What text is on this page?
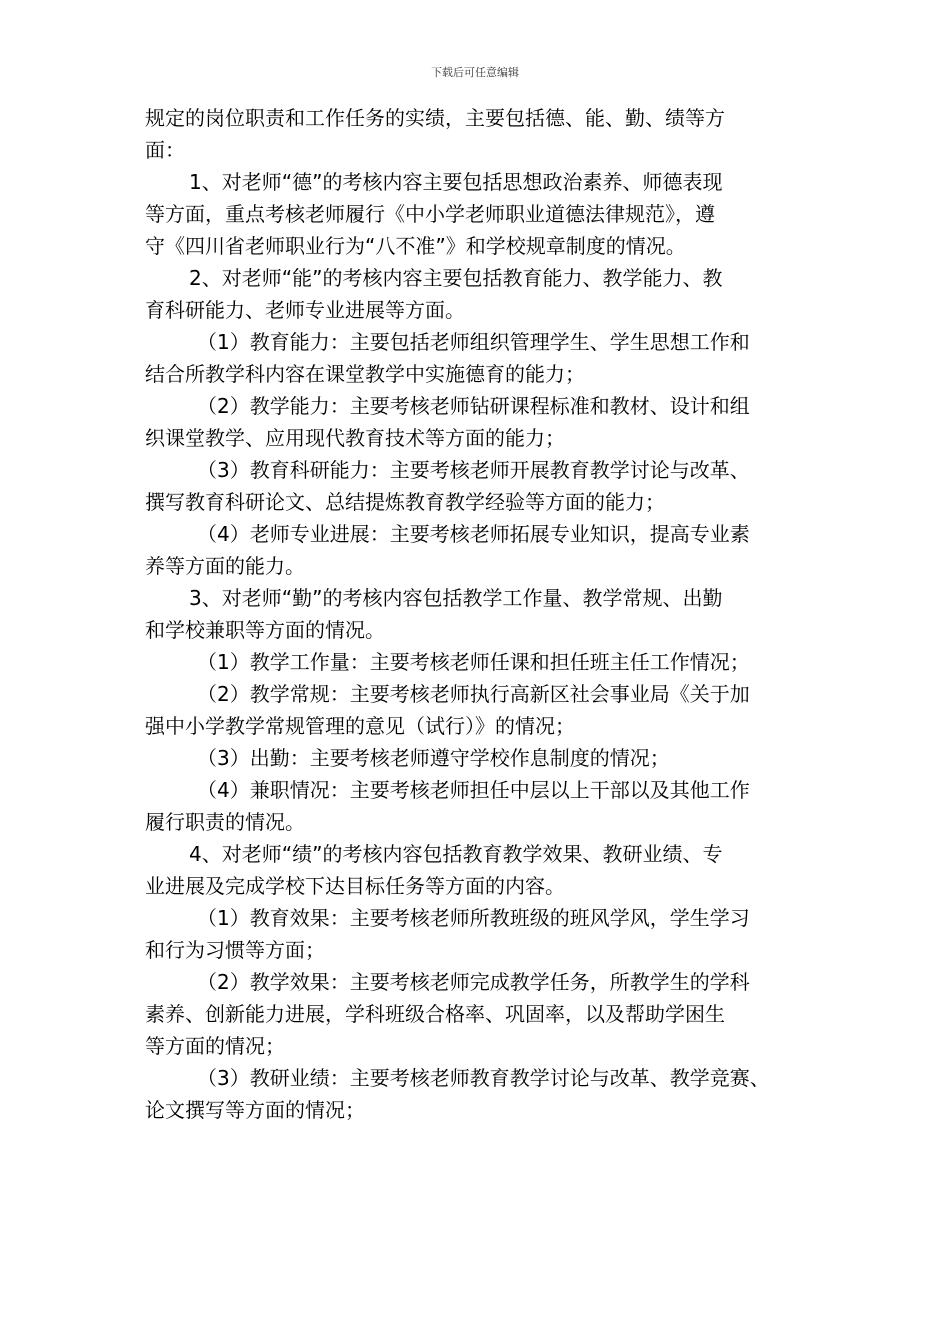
下载后可任意编辑
规定的岗位职责和工作任务的实绩，主要包括德、能、勤、绩等方
面：
1、对老师“德”的考核内容主要包括思想政治素养、师德表现
等方面，重点考核老师履行《中小学老师职业道德法律规范》，遵
守《四川省老师职业行为“八不准”》和学校规章制度的情况。
2、对老师“能”的考核内容主要包括教育能力、教学能力、教
育科研能力、老师专业进展等方面。
（1）教育能力：主要包括老师组织管理学生、学生思想工作和
结合所教学科内容在课堂教学中实施德育的能力；
（2）教学能力：主要考核老师钻研课程标准和教材、设计和组
织课堂教学、应用现代教育技术等方面的能力；
（3）教育科研能力：主要考核老师开展教育教学讨论与改革、
撰写教育科研论文、总结提炼教育教学经验等方面的能力；
（4）老师专业进展：主要考核老师拓展专业知识，提高专业素
养等方面的能力。
3、对老师“勤”的考核内容包括教学工作量、教学常规、出勤
和学校兼职等方面的情况。
（1）教学工作量：主要考核老师任课和担任班主任工作情况；
（2）教学常规：主要考核老师执行高新区社会事业局《关于加
强中小学教学常规管理的意见（试行）》的情况；
（3）出勤：主要考核老师遵守学校作息制度的情况；
（4）兼职情况：主要考核老师担任中层以上干部以及其他工作
履行职责的情况。
4、对老师“绩”的考核内容包括教育教学效果、教研业绩、专
业进展及完成学校下达目标任务等方面的内容。
（1）教育效果：主要考核老师所教班级的班风学风，学生学习
和行为习惯等方面；
（2）教学效果：主要考核老师完成教学任务，所教学生的学科
素养、创新能力进展，学科班级合格率、巩固率，以及帮助学困生
等方面的情况；
（3）教研业绩：主要考核老师教育教学讨论与改革、教学竞赛、
论文撰写等方面的情况；
